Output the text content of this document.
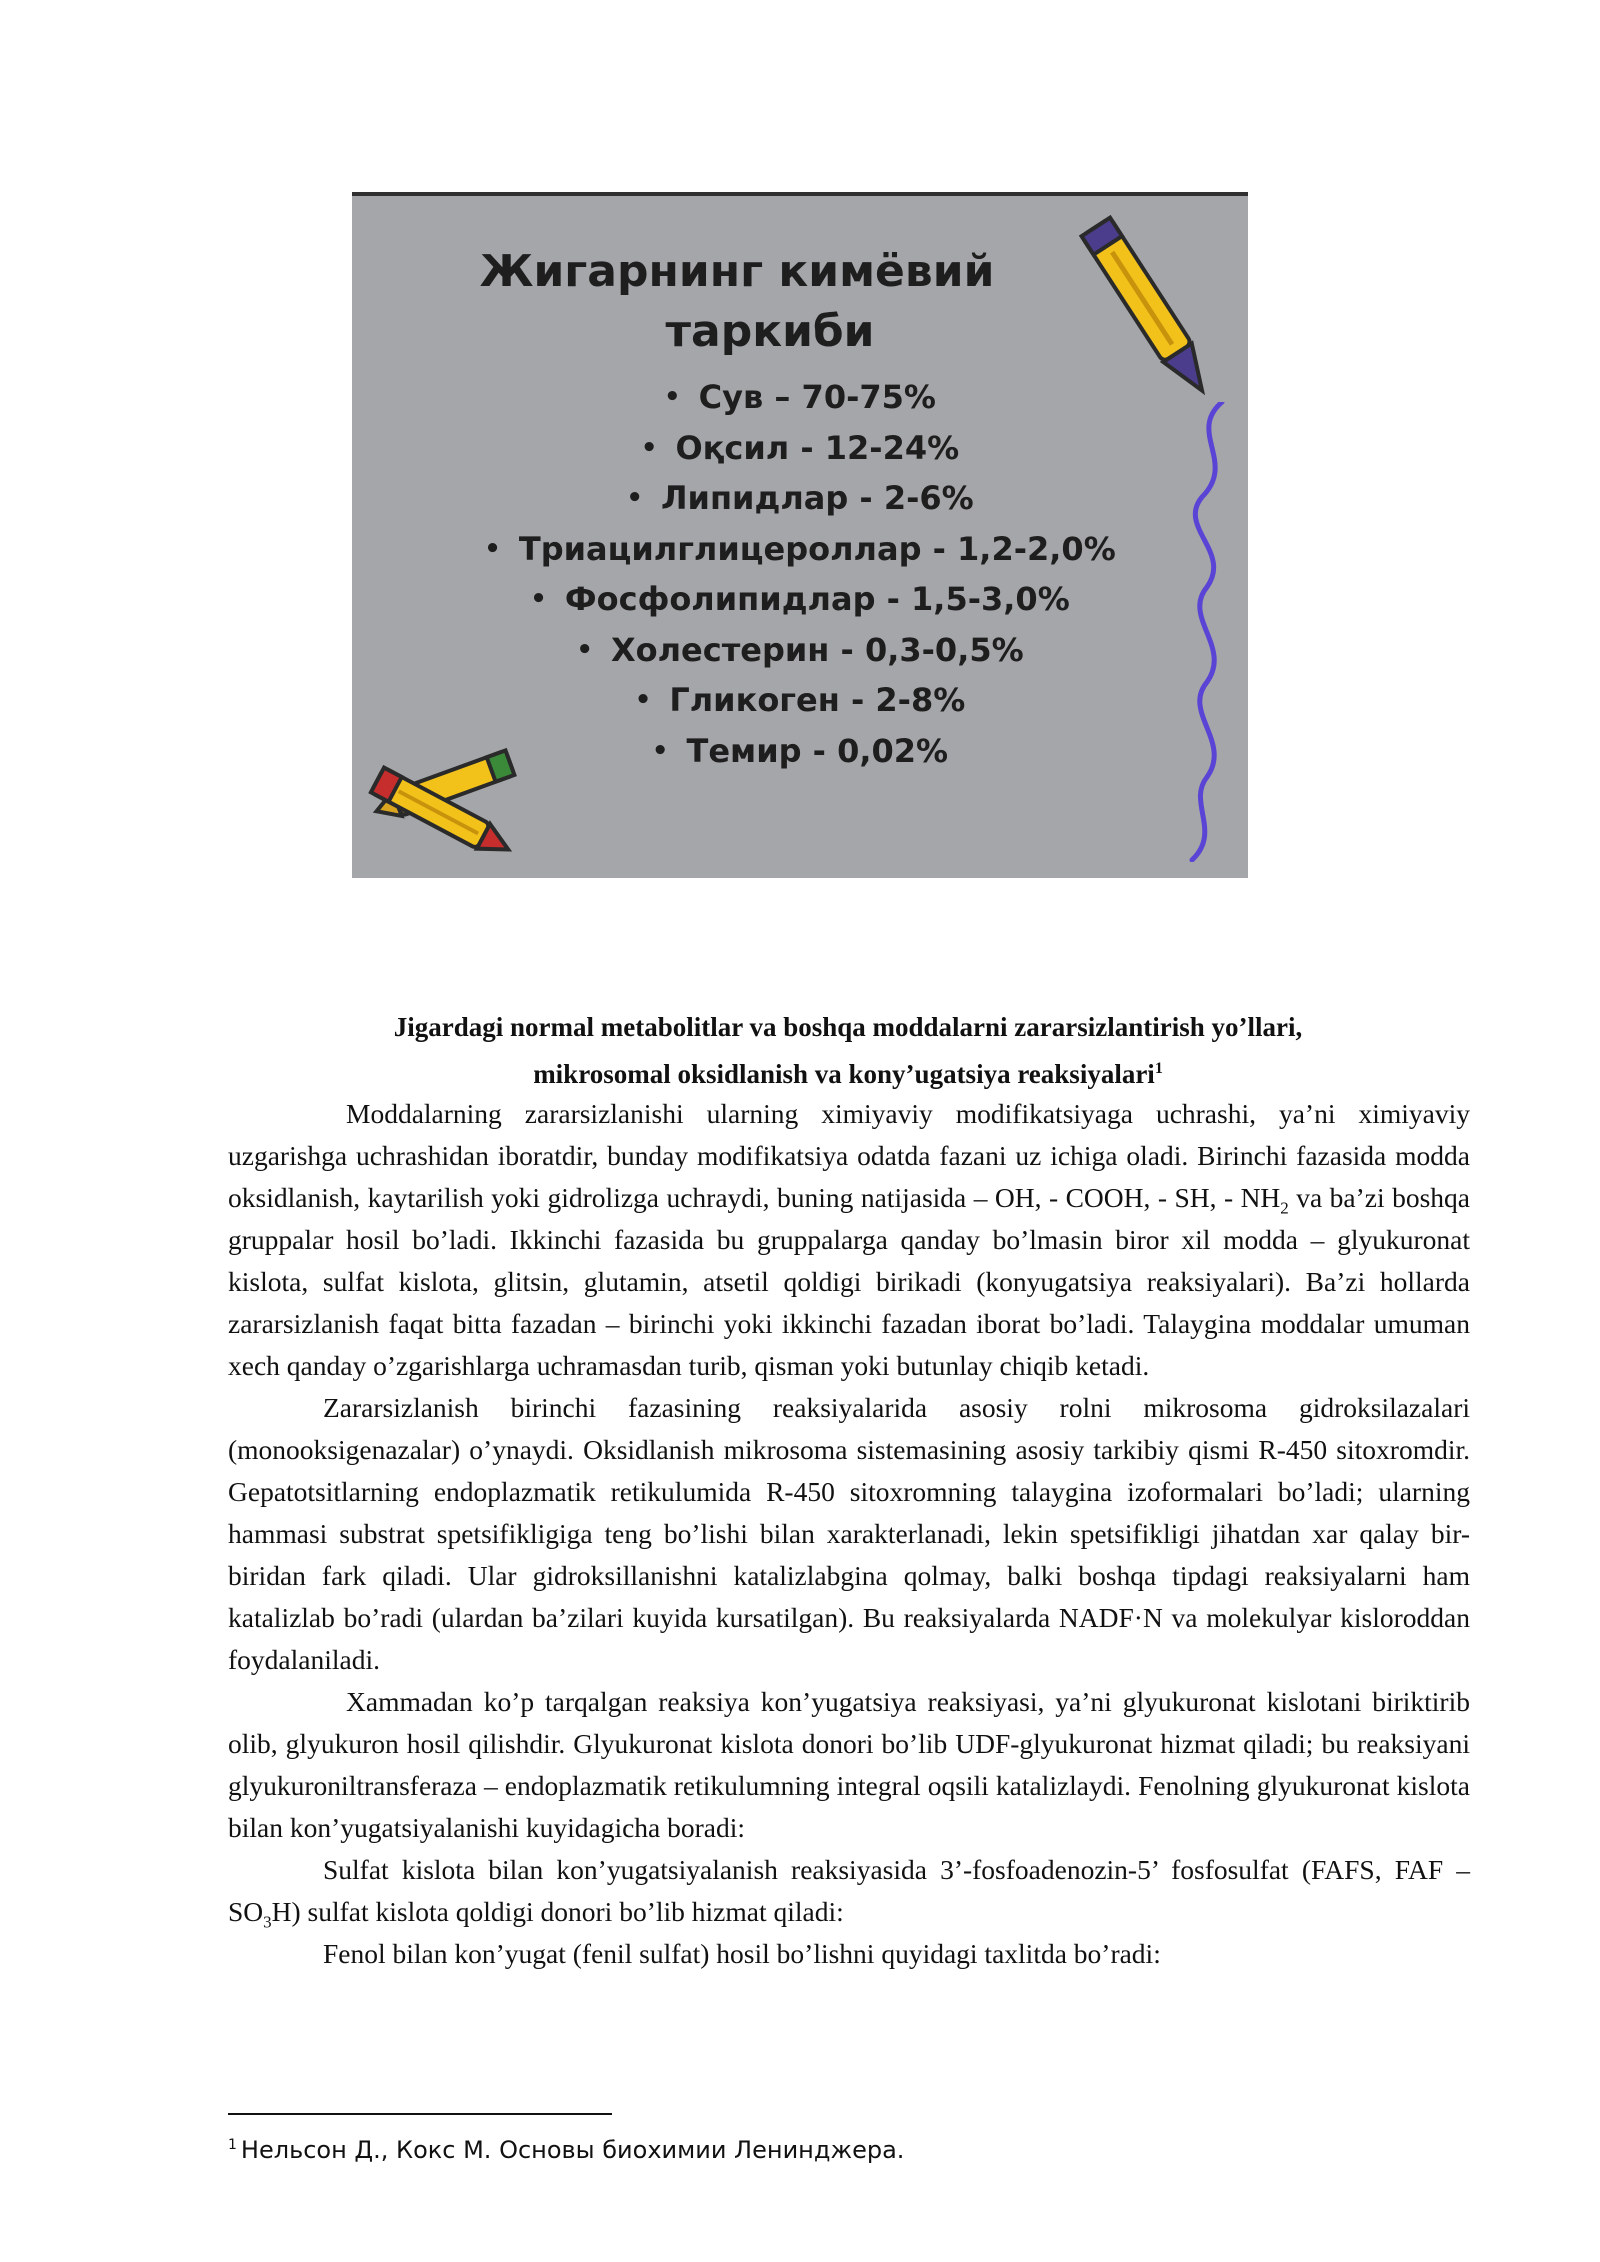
Жигарнинг кимёвий
таркиби
• Сув – 70-75%
• Оқсил - 12-24%
• Липидлар - 2-6%
• Триацилглицероллар - 1,2-2,0%
• Фосфолипидлар - 1,5-3,0%
• Холестерин - 0,3-0,5%
• Гликоген - 2-8%
• Темир - 0,02%
Jigardagi normal metabolitlar va boshqa moddalarni zararsizlantirish yo’llari,
mikrosomal oksidlanish va kony’ugatsiya reaksiyalari$^1$

Moddalarning zararsizlanishi ularning ximiyaviy modifikatsiyaga uchrashi, ya’ni ximiyaviy uzgarishga uchrashidan iboratdir, bunday modifikatsiya odatda fazani uz ichiga oladi. Birinchi fazasida modda oksidlanish, kaytarilish yoki gidrolizga uchraydi, buning natijasida – OH, - COOH, - SH, - $NH_2$ va ba’zi boshqa gruppalar hosil bo’ladi. Ikkinchi fazasida bu gruppalarga qanday bo’lmasin biror xil modda – glyukuronat kislota, sulfat kislota, glitsin, glutamin, atsetil qoldigi birikadi (konyugatsiya reaksiyalari). Ba’zi hollarda zararsizlanish faqat bitta fazadan – birinchi yoki ikkinchi fazadan iborat bo’ladi. Talaygina moddalar umuman xech qanday o’zgarishlarga uchramasdan turib, qisman yoki butunlay chiqib ketadi.

Zararsizlanish birinchi fazasining reaksiyalarida asosiy rolni mikrosoma gidroksilazalari (monooksigenazalar) o’ynaydi. Oksidlanish mikrosoma sistemasining asosiy tarkibiy qismi R-450 sitoxromdir. Gepatotsitlarning endoplazmatik retikulumida R-450 sitoxromning talaygina izoformalari bo’ladi; ularning hammasi substrat spetsifikligiga teng bo’lishi bilan xarakterlanadi, lekin spetsifikligi jihatdan xar qalay bir-biridan fark qiladi. Ular gidroksillanishni katalizlabgina qolmay, balki boshqa tipdagi reaksiyalarni ham katalizlab bo’radi (ulardan ba’zilari kuyida kursatilgan). Bu reaksiyalarda NADF·N va molekulyar kisloroddan foydalaniladi.

Xammadan ko’p tarqalgan reaksiya kon’yugatsiya reaksiyasi, ya’ni glyukuronat kislotani biriktirib olib, glyukuron hosil qilishdir. Glyukuronat kislota donori bo’lib UDF-glyukuronat hizmat qiladi; bu reaksiyani glyukuroniltransferaza – endoplazmatik retikulumning integral oqsili katalizlaydi. Fenolning glyukuronat kislota bilan kon’yugatsiyalanishi kuyidagicha boradi:

Sulfat kislota bilan kon’yugatsiyalanish reaksiyasida 3’-fosfoadenozin-5’ fosfosulfat (FAFS, FAF – $SO_3H$) sulfat kislota qoldigi donori bo’lib hizmat qiladi:

Fenol bilan kon’yugat (fenil sulfat) hosil bo’lishni quyidagi taxlitda bo’radi:

$^1$ Нельсон Д., Кокс М. Основы биохимии Ленинджера.
